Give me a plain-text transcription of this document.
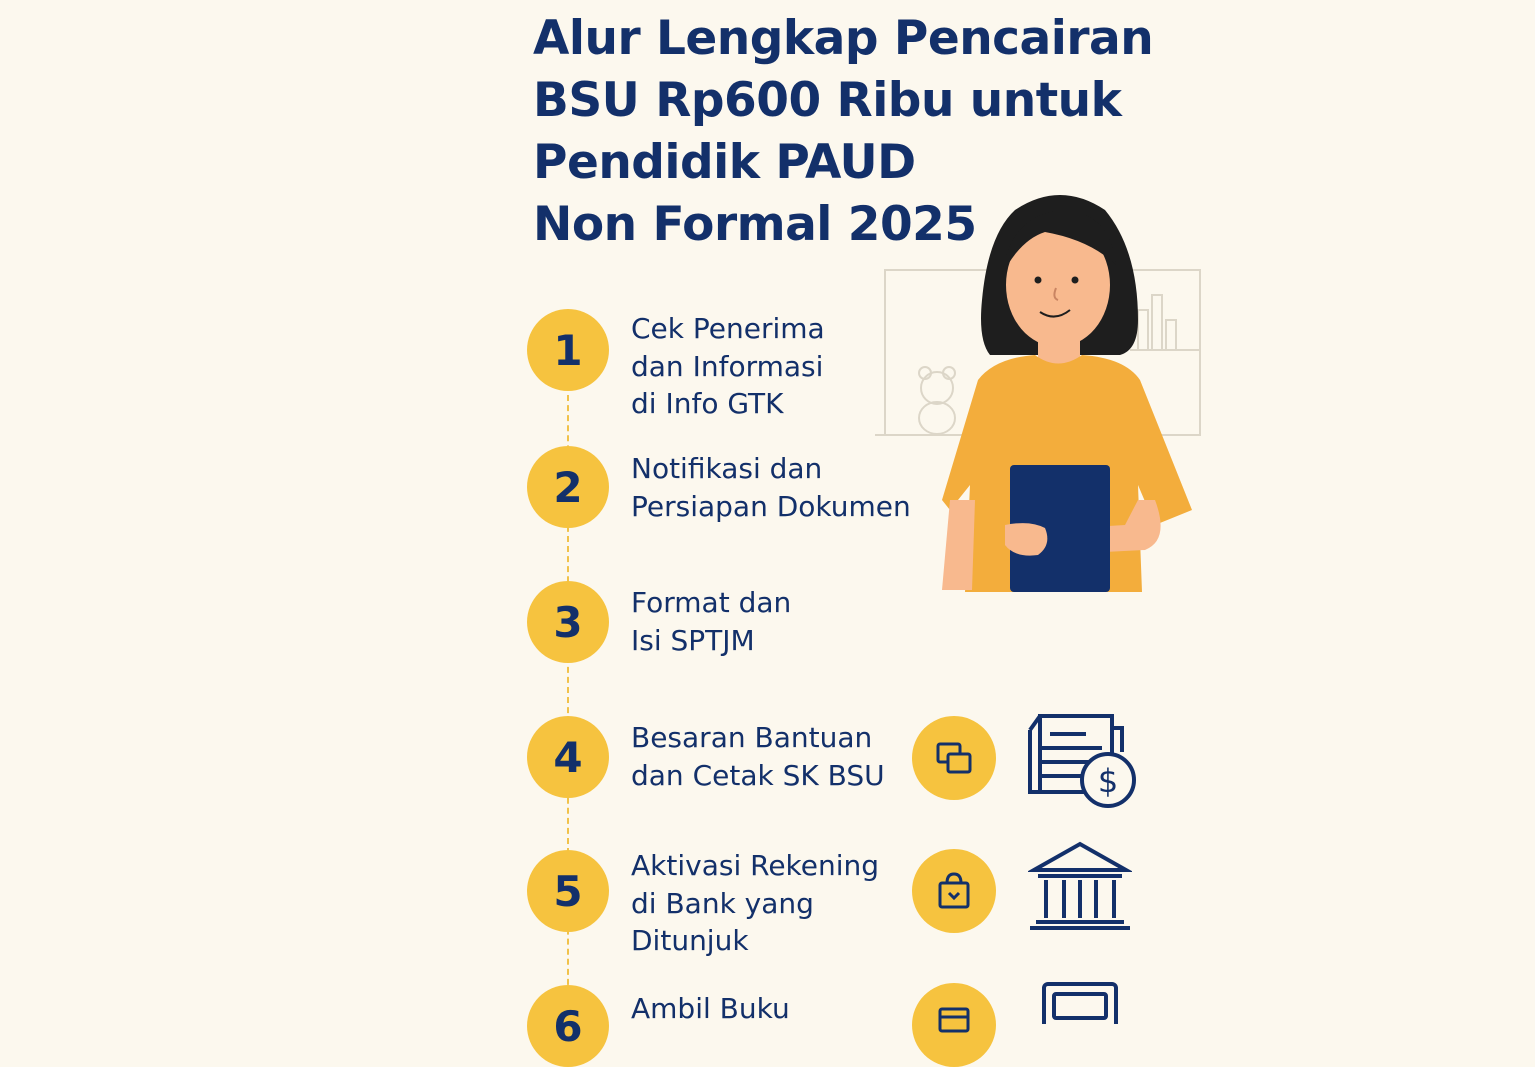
Alur Lengkap Pencairan
BSU Rp600 Ribu untuk
Pendidik PAUD
Non Formal 2025
1	Cek Penerima
dan Informasi
di Info GTK
2	Notifikasi dan
Persiapan Dokumen
3	Format dan
Isi SPTJM
4	Besaran Bantuan
dan Cetak SK BSU	$
5
Aktivasi Rekening
di Bank yang
Ditunjuk
6	Ambil Buku
